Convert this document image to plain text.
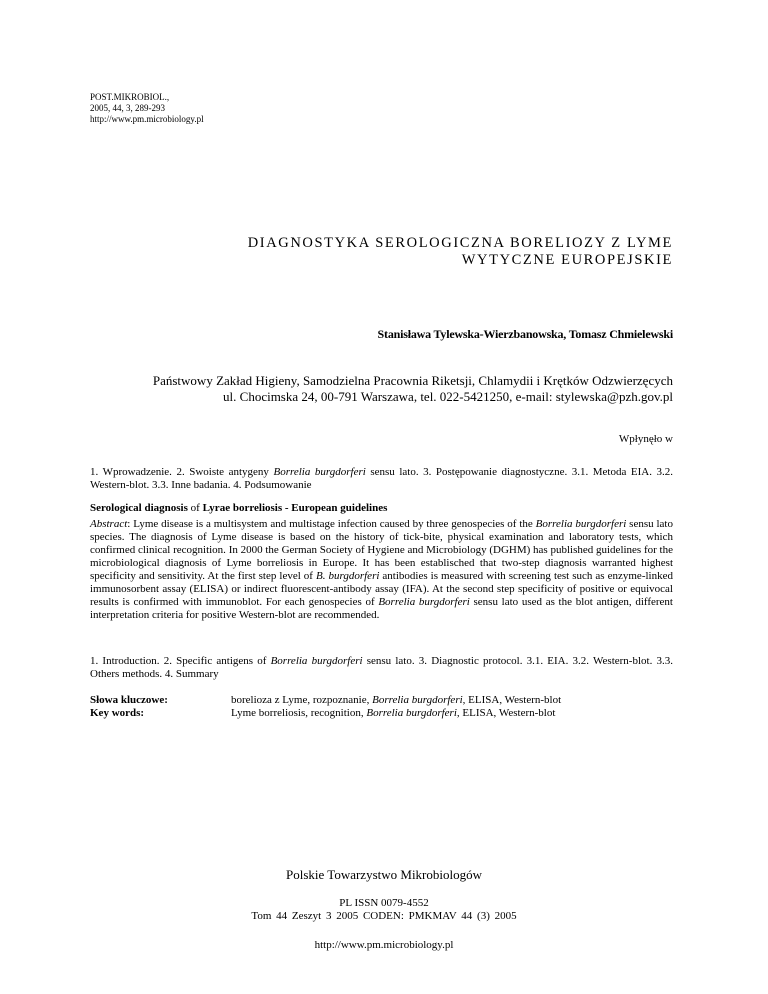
POST.MIKROBIOL.,
2005, 44, 3, 289-293
http://www.pm.microbiology.pl
DIAGNOSTYKA SEROLOGICZNA BORELIOZY Z LYME
WYTYCZNE EUROPEJSKIE
Stanisława Tylewska-Wierzbanowska, Tomasz Chmielewski
Państwowy Zakład Higieny, Samodzielna Pracownia Riketsji, Chlamydii i Krętków Odzwierzęcych
ul. Chocimska 24, 00-791 Warszawa, tel. 022-5421250, e-mail: stylewska@pzh.gov.pl
Wpłynęło w
1. Wprowadzenie. 2. Swoiste antygeny Borrelia burgdorferi sensu lato. 3. Postępowanie diagnostyczne. 3.1. Metoda EIA. 3.2. Western-blot. 3.3. Inne badania. 4. Podsumowanie
Serological diagnosis of Lyrae borreliosis - European guidelines
Abstract: Lyme disease is a multisystem and multistage infection caused by three genospecies of the Borrelia burgdorferi sensu lato species. The diagnosis of Lyme disease is based on the history of tick-bite, physical examination and laboratory tests, which confirmed clinical recognition. In 2000 the German Society of Hygiene and Microbiology (DGHM) has published guidelines for the microbiological diagnosis of Lyme borreliosis in Europe. It has been establisched that two-step diagnosis warranted highest specificity and sensitivity. At the first step level of B. burgdorferi antibodies is measured with screening test such as enzyme-linked immunosorbent assay (ELISA) or indirect fluorescent-antibody assay (IFA). At the second step specificity of positive or equivocal results is confirmed with immunoblot. For each genospecies of Borrelia burgdorferi sensu lato used as the blot antigen, different interpretation criteria for positive Western-blot are recommended.
1. Introduction. 2. Specific antigens of Borrelia burgdorferi sensu lato. 3. Diagnostic protocol. 3.1. EIA. 3.2. Western-blot. 3.3. Others methods. 4. Summary
Słowa kluczowe:	borelioza z Lyme, rozpoznanie, Borrelia burgdorferi, ELISA, Western-blot
Key words:	Lyme borreliosis, recognition, Borrelia burgdorferi, ELISA, Western-blot
Polskie Towarzystwo Mikrobiologów
PL ISSN 0079-4552
Tom 44 Zeszyt 3 2005 CODEN: PMKMAV 44 (3) 2005
http://www.pm.microbiology.pl
